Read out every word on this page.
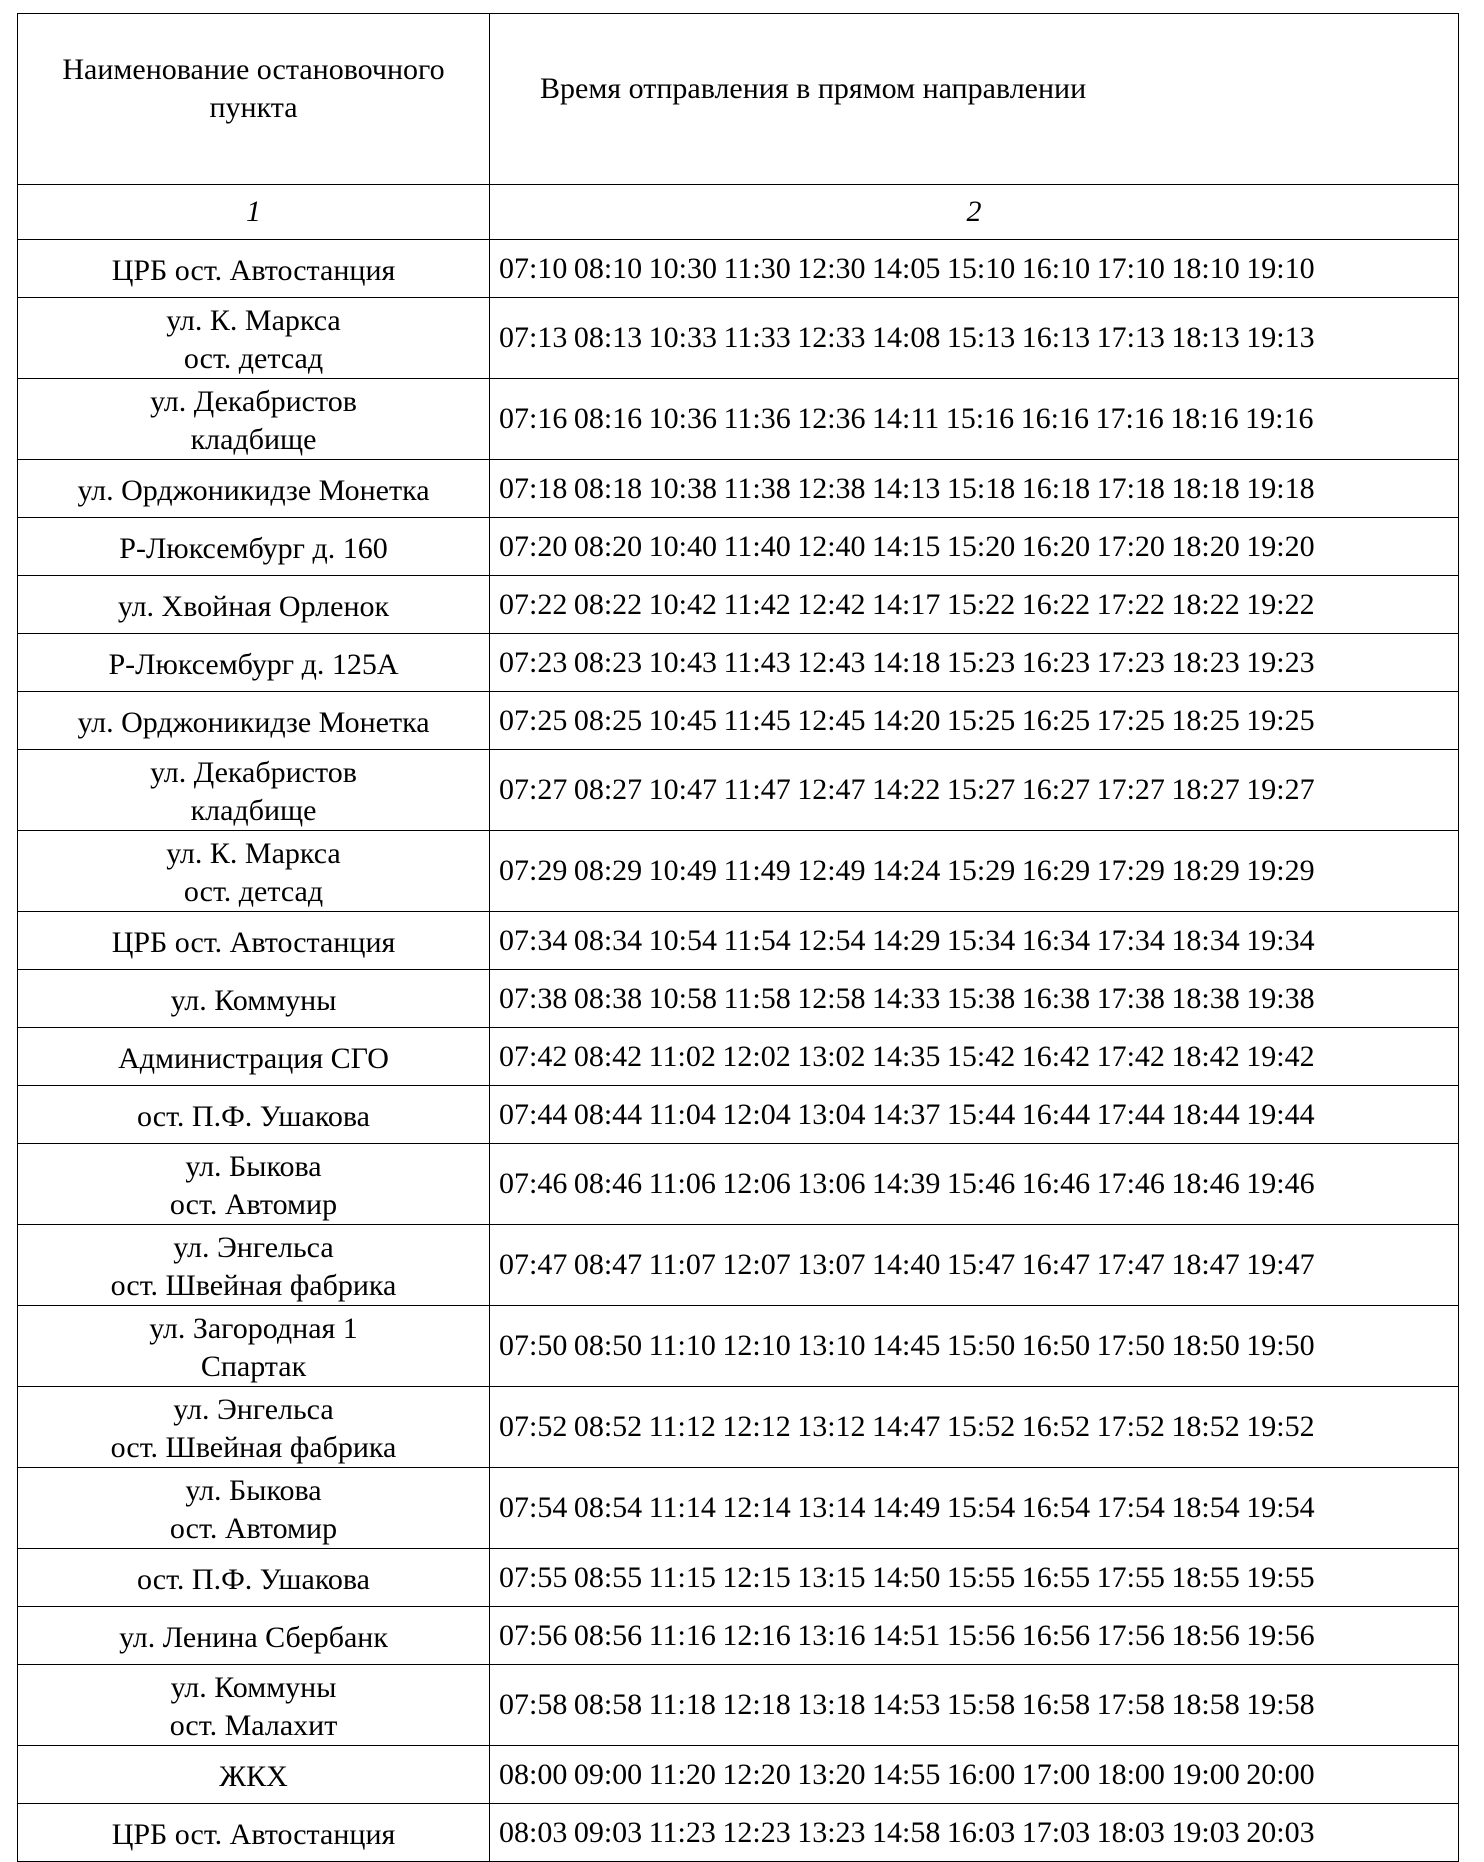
Наименование остановочного пункта	Время отправления в прямом направлении
1	2

ЦРБ ост. Автостанция	07:10 08:10 10:30 11:30 12:30 14:05 15:10 16:10 17:10 18:10 19:10

ул. К. Маркса
ост. детсад	07:13 08:13 10:33 11:33 12:33 14:08 15:13 16:13 17:13 18:13 19:13

ул. Декабристов
кладбище	07:16 08:16 10:36 11:36 12:36 14:11 15:16 16:16 17:16 18:16 19:16

ул. Орджоникидзе Монетка	07:18 08:18 10:38 11:38 12:38 14:13 15:18 16:18 17:18 18:18 19:18

Р-Люксембург д. 160	07:20 08:20 10:40 11:40 12:40 14:15 15:20 16:20 17:20 18:20 19:20

ул. Хвойная Орленок	07:22 08:22 10:42 11:42 12:42 14:17 15:22 16:22 17:22 18:22 19:22

Р-Люксембург д. 125А	07:23 08:23 10:43 11:43 12:43 14:18 15:23 16:23 17:23 18:23 19:23

ул. Орджоникидзе Монетка	07:25 08:25 10:45 11:45 12:45 14:20 15:25 16:25 17:25 18:25 19:25

ул. Декабристов
кладбище	07:27 08:27 10:47 11:47 12:47 14:22 15:27 16:27 17:27 18:27 19:27

ул. К. Маркса
ост. детсад	07:29 08:29 10:49 11:49 12:49 14:24 15:29 16:29 17:29 18:29 19:29

ЦРБ ост. Автостанция	07:34 08:34 10:54 11:54 12:54 14:29 15:34 16:34 17:34 18:34 19:34

ул. Коммуны	07:38 08:38 10:58 11:58 12:58 14:33 15:38 16:38 17:38 18:38 19:38

Администрация СГО	07:42 08:42 11:02 12:02 13:02 14:35 15:42 16:42 17:42 18:42 19:42

ост. П.Ф. Ушакова	07:44 08:44 11:04 12:04 13:04 14:37 15:44 16:44 17:44 18:44 19:44

ул. Быкова
ост. Автомир	07:46 08:46 11:06 12:06 13:06 14:39 15:46 16:46 17:46 18:46 19:46

ул. Энгельса
ост. Швейная фабрика	07:47 08:47 11:07 12:07 13:07 14:40 15:47 16:47 17:47 18:47 19:47

ул. Загородная 1
Спартак	07:50 08:50 11:10 12:10 13:10 14:45 15:50 16:50 17:50 18:50 19:50

ул. Энгельса
ост. Швейная фабрика	07:52 08:52 11:12 12:12 13:12 14:47 15:52 16:52 17:52 18:52 19:52

ул. Быкова
ост. Автомир	07:54 08:54 11:14 12:14 13:14 14:49 15:54 16:54 17:54 18:54 19:54

ост. П.Ф. Ушакова	07:55 08:55 11:15 12:15 13:15 14:50 15:55 16:55 17:55 18:55 19:55

ул. Ленина Сбербанк	07:56 08:56 11:16 12:16 13:16 14:51 15:56 16:56 17:56 18:56 19:56

ул. Коммуны
ост. Малахит	07:58 08:58 11:18 12:18 13:18 14:53 15:58 16:58 17:58 18:58 19:58

ЖКХ	08:00 09:00 11:20 12:20 13:20 14:55 16:00 17:00 18:00 19:00 20:00

ЦРБ ост. Автостанция	08:03 09:03 11:23 12:23 13:23 14:58 16:03 17:03 18:03 19:03 20:03
